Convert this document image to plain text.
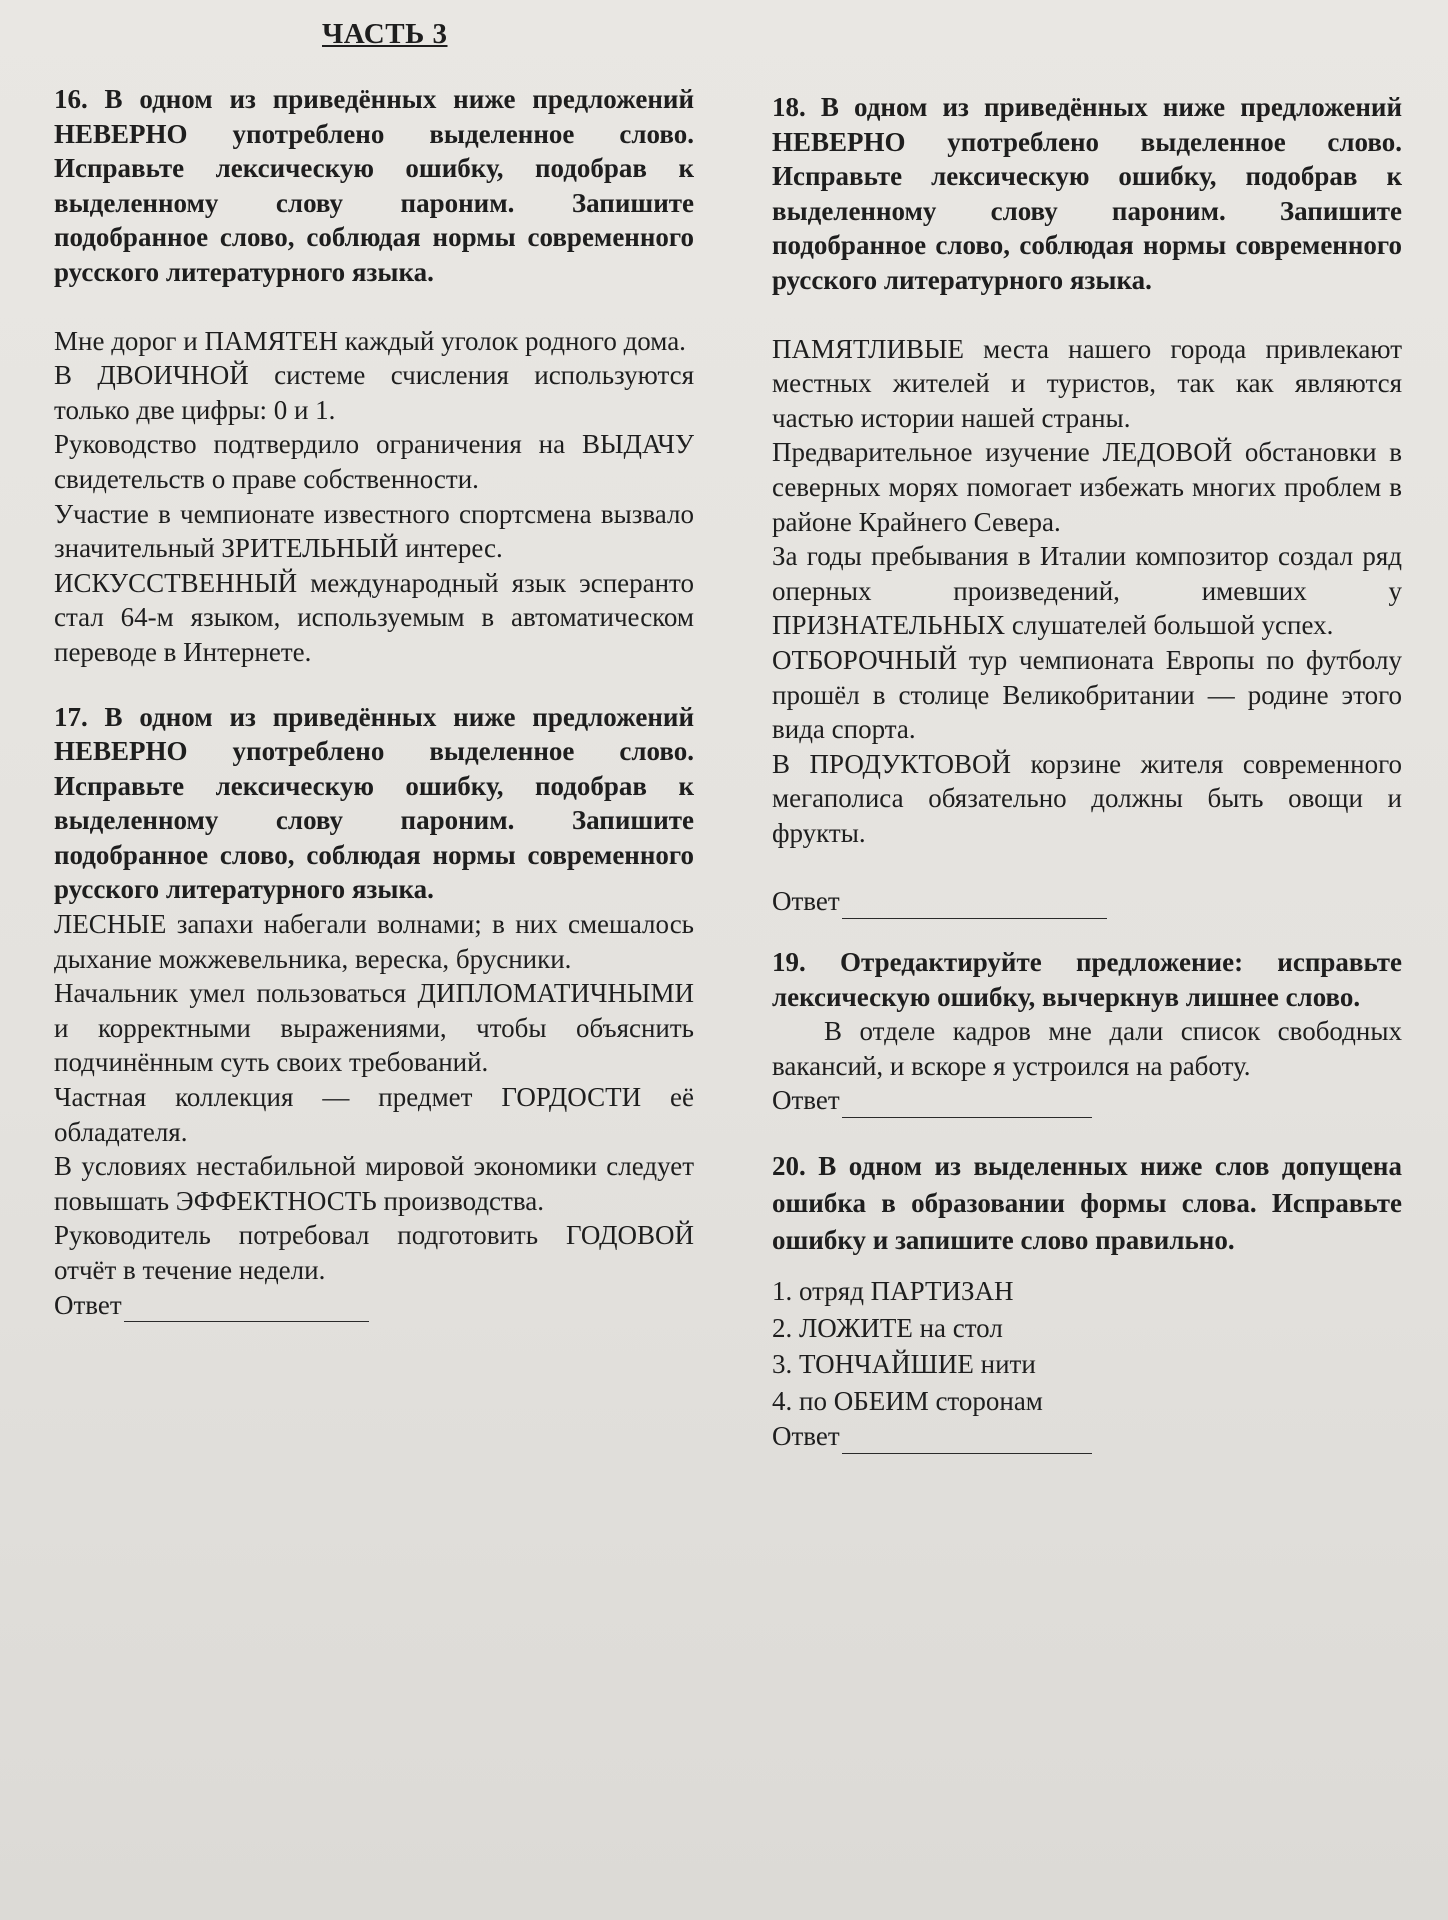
ЧАСТЬ 3

16. В одном из приведённых ниже предложений НЕВЕРНО употреблено выделенное слово. Исправьте лексическую ошибку, подобрав к выделенному слову пароним. Запишите подобранное слово, соблюдая нормы современного русского литературного языка.

Мне дорог и ПАМЯТЕН каждый уголок родного дома.

В ДВОИЧНОЙ системе счисления используются только две цифры: 0 и 1.

Руководство подтвердило ограничения на ВЫДАЧУ свидетельств о праве собственности.

Участие в чемпионате известного спортсмена вызвало значительный ЗРИТЕЛЬНЫЙ интерес.

ИСКУССТВЕННЫЙ международный язык эсперанто стал 64-м языком, используемым в автоматическом переводе в Интернете.

17. В одном из приведённых ниже предложений НЕВЕРНО употреблено выделенное слово. Исправьте лексическую ошибку, подобрав к выделенному слову пароним. Запишите подобранное слово, соблюдая нормы современного русского литературного языка.

ЛЕСНЫЕ запахи набегали волнами; в них смешалось дыхание можжевельника, вереска, брусники.

Начальник умел пользоваться ДИПЛОМАТИЧНЫМИ и корректными выражениями, чтобы объяснить подчинённым суть своих требований.

Частная коллекция — предмет ГОРДОСТИ её обладателя.

В условиях нестабильной мировой экономики следует повышать ЭФФЕКТНОСТЬ производства.

Руководитель потребовал подготовить ГОДОВОЙ отчёт в течение недели.

Ответ

18. В одном из приведённых ниже предложений НЕВЕРНО употреблено выделенное слово. Исправьте лексическую ошибку, подобрав к выделенному слову пароним. Запишите подобранное слово, соблюдая нормы современного русского литературного языка.

ПАМЯТЛИВЫЕ места нашего города привлекают местных жителей и туристов, так как являются частью истории нашей страны.

Предварительное изучение ЛЕДОВОЙ обстановки в северных морях помогает избежать многих проблем в районе Крайнего Севера.

За годы пребывания в Италии композитор создал ряд оперных произведений, имевших у ПРИЗНАТЕЛЬНЫХ слушателей большой успех.

ОТБОРОЧНЫЙ тур чемпионата Европы по футболу прошёл в столице Великобритании — родине этого вида спорта.

В ПРОДУКТОВОЙ корзине жителя современного мегаполиса обязательно должны быть овощи и фрукты.

Ответ

19. Отредактируйте предложение: исправьте лексическую ошибку, вычеркнув лишнее слово.

В отделе кадров мне дали список свободных вакансий, и вскоре я устроился на работу.

Ответ

20. В одном из выделенных ниже слов допущена ошибка в образовании формы слова. Исправьте ошибку и запишите слово правильно.

1. отряд ПАРТИЗАН
2. ЛОЖИТЕ на стол
3. ТОНЧАЙШИЕ нити
4. по ОБЕИМ сторонам
Ответ
